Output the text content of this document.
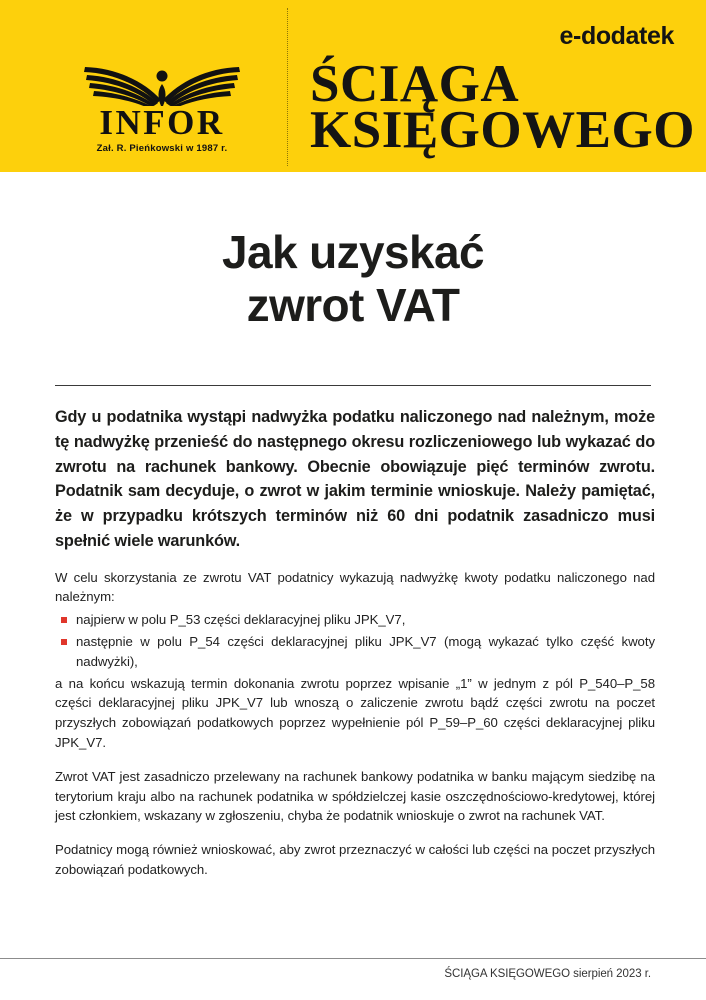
INFOR
Zał. R. Pieńkowski w 1987 r.
e-dodatek
ŚCIĄGA
KSIĘGOWEGO
Jak uzyskać
zwrot VAT

Gdy u podatnika wystąpi nadwyżka podatku naliczonego nad należnym, może tę nadwyżkę przenieść do następnego okresu rozliczeniowego lub wykazać do zwrotu na rachunek bankowy. Obecnie obowiązuje pięć terminów zwrotu. Podatnik sam decyduje, o zwrot w jakim terminie wnioskuje. Należy pamiętać, że w przypadku krótszych terminów niż 60 dni podatnik zasadniczo musi spełnić wiele warunków.

W celu skorzystania ze zwrotu VAT podatnicy wykazują nadwyżkę kwoty podatku naliczonego nad należnym:

najpierw w polu P_53 części deklaracyjnej pliku JPK_V7,
następnie w polu P_54 części deklaracyjnej pliku JPK_V7 (mogą wykazać tylko część kwoty nadwyżki),

a na końcu wskazują termin dokonania zwrotu poprzez wpisanie „1” w jednym z pól P_540–P_58 części deklaracyjnej pliku JPK_V7 lub wnoszą o zaliczenie zwrotu bądź części zwrotu na poczet przyszłych zobowiązań podatkowych poprzez wypełnienie pól P_59–P_60 części deklaracyjnej pliku JPK_V7.

Zwrot VAT jest zasadniczo przelewany na rachunek bankowy podatnika w banku mającym siedzibę na terytorium kraju albo na rachunek podatnika w spółdzielczej kasie oszczędnościowo-kredytowej, której jest członkiem, wskazany w zgłoszeniu, chyba że podatnik wnioskuje o zwrot na rachunek VAT.

Podatnicy mogą również wnioskować, aby zwrot przeznaczyć w całości lub części na poczet przyszłych zobowiązań podatkowych.

ŚCIĄGA KSIĘGOWEGO sierpień 2023 r.
